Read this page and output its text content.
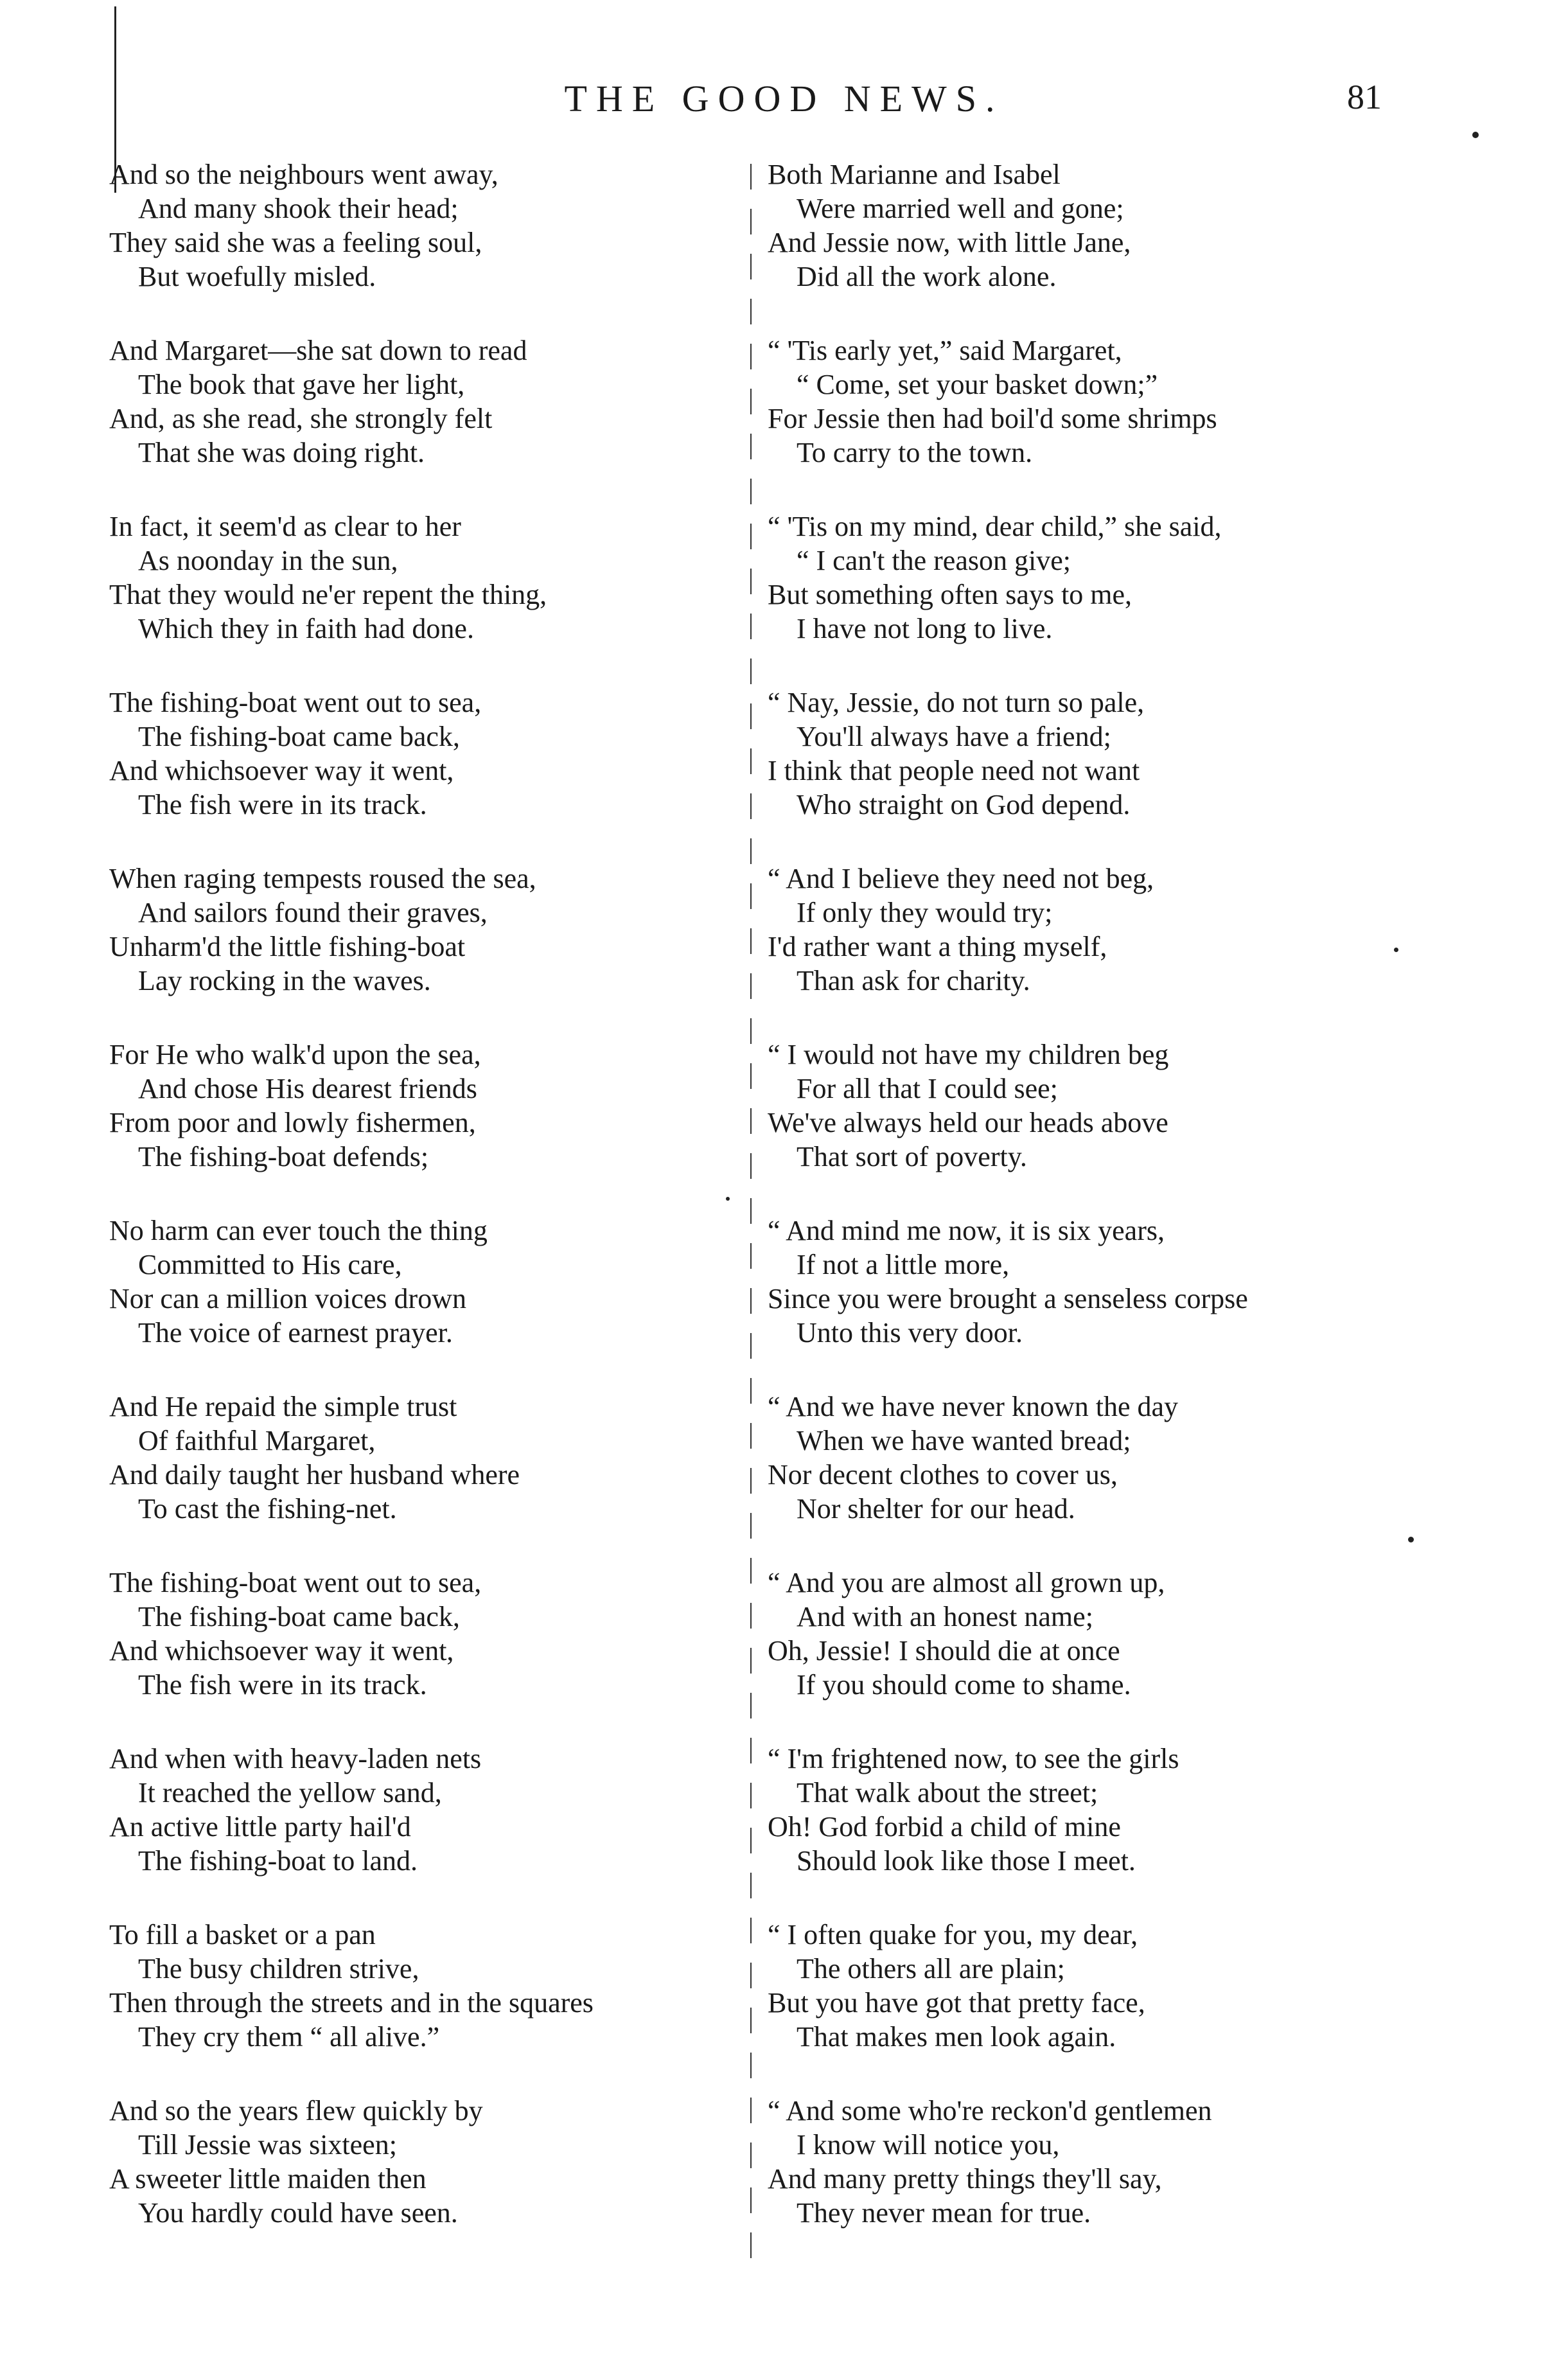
THE GOOD NEWS.	81
And so the neighbours went away,
And many shook their head;
They said she was a feeling soul,
But woefully misled.
And Margaret—she sat down to read
The book that gave her light,
And, as she read, she strongly felt
That she was doing right.
In fact, it seem'd as clear to her
As noonday in the sun,
That they would ne'er repent the thing,
Which they in faith had done.
The fishing-boat went out to sea,
The fishing-boat came back,
And whichsoever way it went,
The fish were in its track.
When raging tempests roused the sea,
And sailors found their graves,
Unharm'd the little fishing-boat
Lay rocking in the waves.
For He who walk'd upon the sea,
And chose His dearest friends
From poor and lowly fishermen,
The fishing-boat defends;
No harm can ever touch the thing
Committed to His care,
Nor can a million voices drown
The voice of earnest prayer.
And He repaid the simple trust
Of faithful Margaret,
And daily taught her husband where
To cast the fishing-net.
The fishing-boat went out to sea,
The fishing-boat came back,
And whichsoever way it went,
The fish were in its track.
And when with heavy-laden nets
It reached the yellow sand,
An active little party hail'd
The fishing-boat to land.
To fill a basket or a pan
The busy children strive,
Then through the streets and in the squares
They cry them “ all alive.”
And so the years flew quickly by
Till Jessie was sixteen;
A sweeter little maiden then
You hardly could have seen.
Both Marianne and Isabel
Were married well and gone;
And Jessie now, with little Jane,
Did all the work alone.
“ 'Tis early yet,” said Margaret,
“ Come, set your basket down;”
For Jessie then had boil'd some shrimps
To carry to the town.
“ 'Tis on my mind, dear child,” she said,
“ I can't the reason give;
But something often says to me,
I have not long to live.
“ Nay, Jessie, do not turn so pale,
You'll always have a friend;
I think that people need not want
Who straight on God depend.
“ And I believe they need not beg,
If only they would try;
I'd rather want a thing myself,
Than ask for charity.
“ I would not have my children beg
For all that I could see;
We've always held our heads above
That sort of poverty.
“ And mind me now, it is six years,
If not a little more,
Since you were brought a senseless corpse
Unto this very door.
“ And we have never known the day
When we have wanted bread;
Nor decent clothes to cover us,
Nor shelter for our head.
“ And you are almost all grown up,
And with an honest name;
Oh, Jessie! I should die at once
If you should come to shame.
“ I'm frightened now, to see the girls
That walk about the street;
Oh! God forbid a child of mine
Should look like those I meet.
“ I often quake for you, my dear,
The others all are plain;
But you have got that pretty face,
That makes men look again.
“ And some who're reckon'd gentlemen
I know will notice you,
And many pretty things they'll say,
They never mean for true.
